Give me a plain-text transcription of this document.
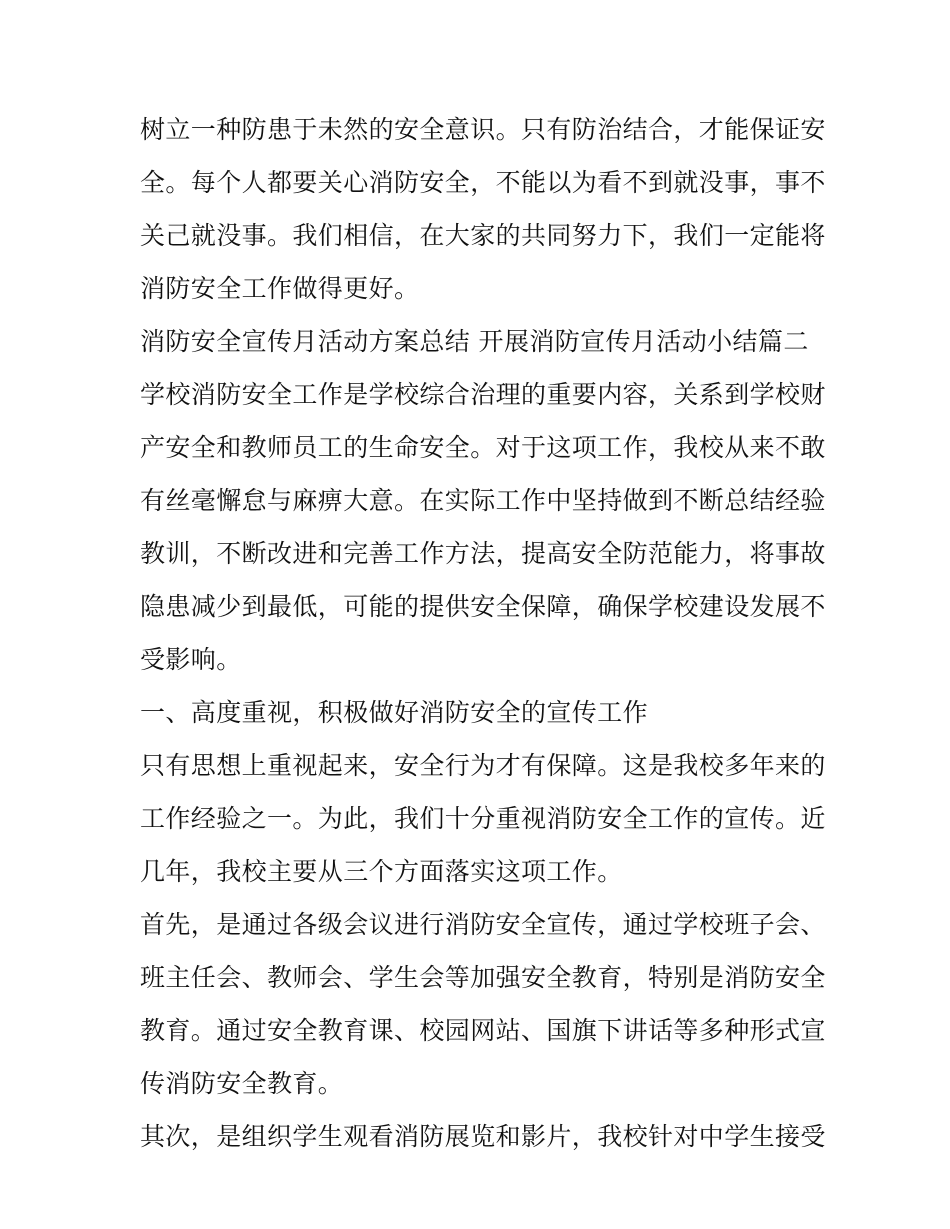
树立一种防患于未然的安全意识。只有防治结合，才能保证安
全。每个人都要关心消防安全，不能以为看不到就没事，事不
关己就没事。我们相信，在大家的共同努力下，我们一定能将
消防安全工作做得更好。
消防安全宣传月活动方案总结 开展消防宣传月活动小结篇二
学校消防安全工作是学校综合治理的重要内容，关系到学校财
产安全和教师员工的生命安全。对于这项工作，我校从来不敢
有丝毫懈怠与麻痹大意。在实际工作中坚持做到不断总结经验
教训，不断改进和完善工作方法，提高安全防范能力，将事故
隐患减少到最低，可能的提供安全保障，确保学校建设发展不
受影响。
一、高度重视，积极做好消防安全的宣传工作
只有思想上重视起来，安全行为才有保障。这是我校多年来的
工作经验之一。为此，我们十分重视消防安全工作的宣传。近
几年，我校主要从三个方面落实这项工作。
首先，是通过各级会议进行消防安全宣传，通过学校班子会、
班主任会、教师会、学生会等加强安全教育，特别是消防安全
教育。通过安全教育课、校园网站、国旗下讲话等多种形式宣
传消防安全教育。
其次，是组织学生观看消防展览和影片，我校针对中学生接受
